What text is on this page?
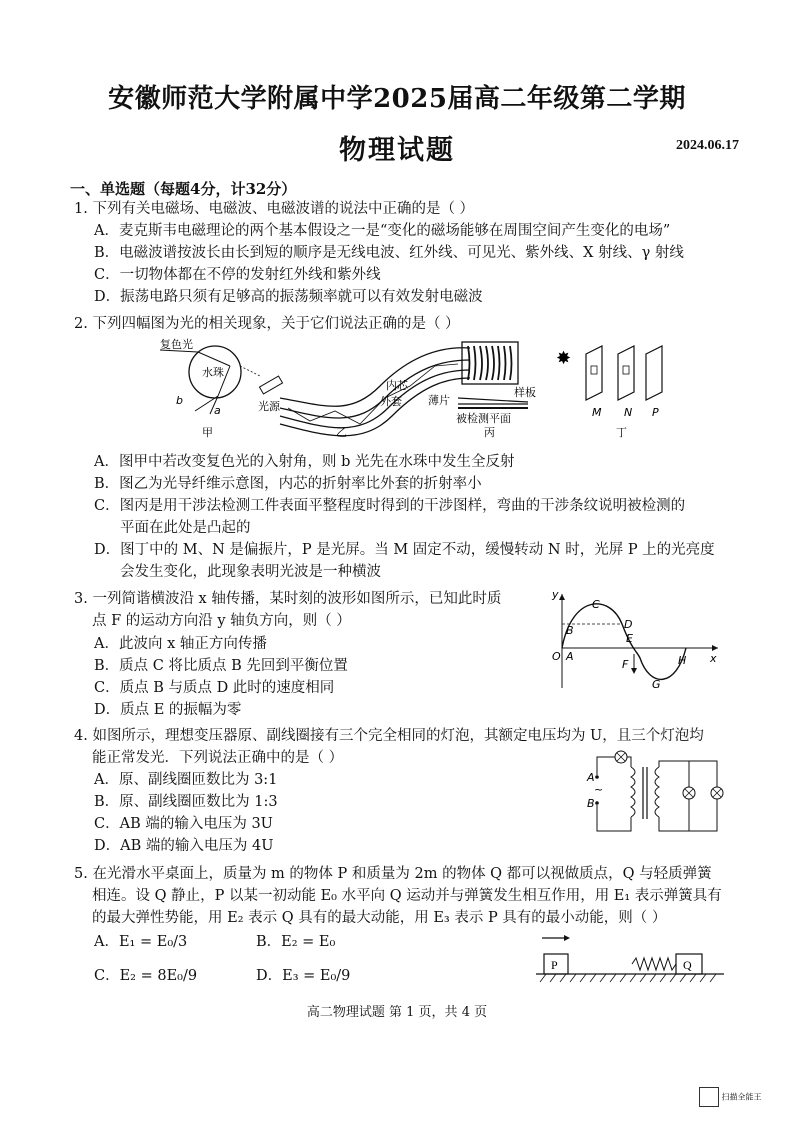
安徽师范大学附属中学2025届高二年级第二学期
物理试题	2024.06.17
一、单选题（每题4分，计32分）
1. 下列有关电磁场、电磁波、电磁波谱的说法中正确的是（ ）
A．麦克斯韦电磁理论的两个基本假设之一是“变化的磁场能够在周围空间产生变化的电场”
B．电磁波谱按波长由长到短的顺序是无线电波、红外线、可见光、紫外线、X 射线、γ 射线
C．一切物体都在不停的发射红外线和紫外线
D．振荡电路只须有足够高的振荡频率就可以有效发射电磁波
2. 下列四幅图为光的相关现象，关于它们说法正确的是（ ）
复色光
水珠
b
a
甲
光源
内芯
外套
乙
薄片
样板
被检测平面
丙
✸
M N P
丁
A．图甲中若改变复色光的入射角，则 b 光先在水珠中发生全反射
B．图乙为光导纤维示意图，内芯的折射率比外套的折射率小
C．图丙是用干涉法检测工件表面平整程度时得到的干涉图样，弯曲的干涉条纹说明被检测的
平面在此处是凸起的
D．图丁中的 M、N 是偏振片，P 是光屏。当 M 固定不动，缓慢转动 N 时，光屏 P 上的光亮度
会发生变化，此现象表明光波是一种横波
3. 一列简谐横波沿 x 轴传播，某时刻的波形如图所示，已知此时质
点 F 的运动方向沿 y 轴负方向，则（ ）
A．此波向 x 轴正方向传播
B．质点 C 将比质点 B 先回到平衡位置
C．质点 B 与质点 D 此时的速度相同
D．质点 E 的振幅为零
y
x
O A
B
C
D
E
F
G
H
4. 如图所示，理想变压器原、副线圈接有三个完全相同的灯泡，其额定电压均为 U，且三个灯泡均
能正常发光．下列说法正确中的是（ ）
A．原、副线圈匝数比为 3:1
B．原、副线圈匝数比为 1:3
C．AB 端的输入电压为 3U
D．AB 端的输入电压为 4U
A
B
~
5. 在光滑水平桌面上，质量为 m 的物体 P 和质量为 2m 的物体 Q 都可以视做质点，Q 与轻质弹簧
相连。设 Q 静止，P 以某一初动能 E₀ 水平向 Q 运动并与弹簧发生相互作用，用 E₁ 表示弹簧具有
的最大弹性势能，用 E₂ 表示 Q 具有的最大动能，用 E₃ 表示 P 具有的最小动能，则（ ）
A．E₁ = E₀/3	B．E₂ = E₀
C．E₂ = 8E₀/9	D．E₃ = E₀/9
P	Q
高二物理试题 第 1 页，共 4 页
扫描全能王
